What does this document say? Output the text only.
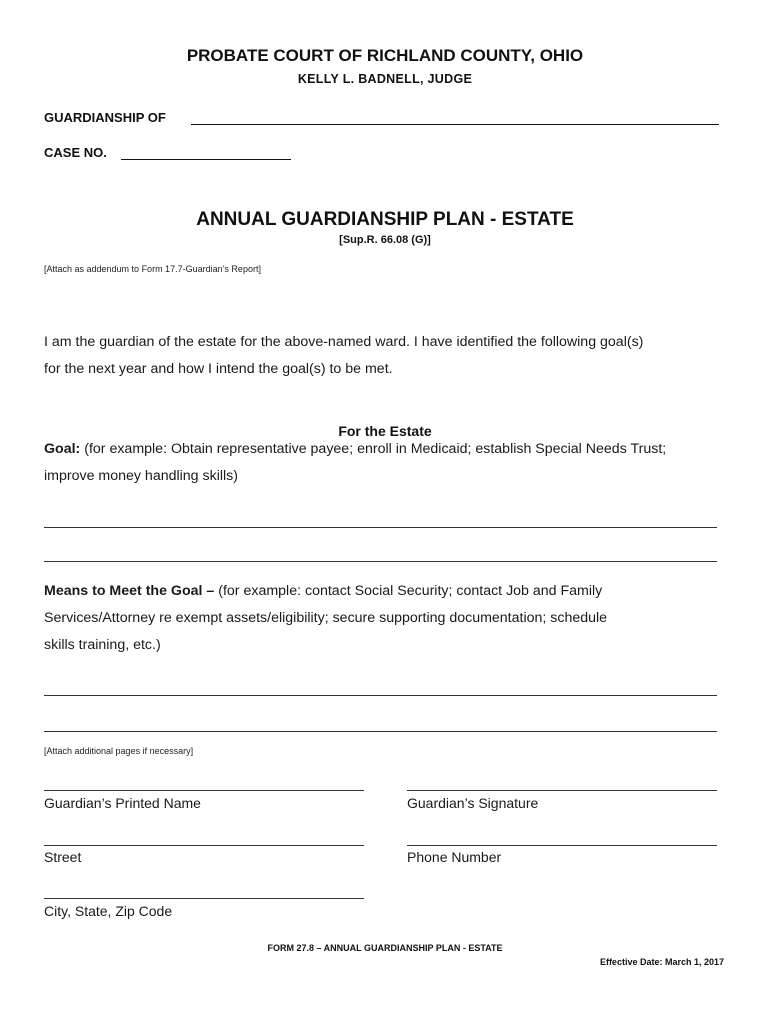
PROBATE COURT OF RICHLAND COUNTY, OHIO
KELLY L. BADNELL, JUDGE
GUARDIANSHIP OF
CASE NO.
ANNUAL GUARDIANSHIP PLAN - ESTATE
[Sup.R. 66.08 (G)]
[Attach as addendum to Form 17.7-Guardian’s Report]
I am the guardian of the estate for the above-named ward. I have identified the following goal(s)
for the next year and how I intend the goal(s) to be met.
For the Estate
Goal: (for example: Obtain representative payee; enroll in Medicaid; establish Special Needs Trust;
improve money handling skills)
Means to Meet the Goal – (for example: contact Social Security; contact Job and Family
Services/Attorney re exempt assets/eligibility; secure supporting documentation; schedule
skills training, etc.)
[Attach additional pages if necessary]
Guardian’s Printed Name	Guardian’s Signature
Street	Phone Number
City, State, Zip Code
FORM 27.8 – ANNUAL GUARDIANSHIP PLAN - ESTATE
Effective Date: March 1, 2017
